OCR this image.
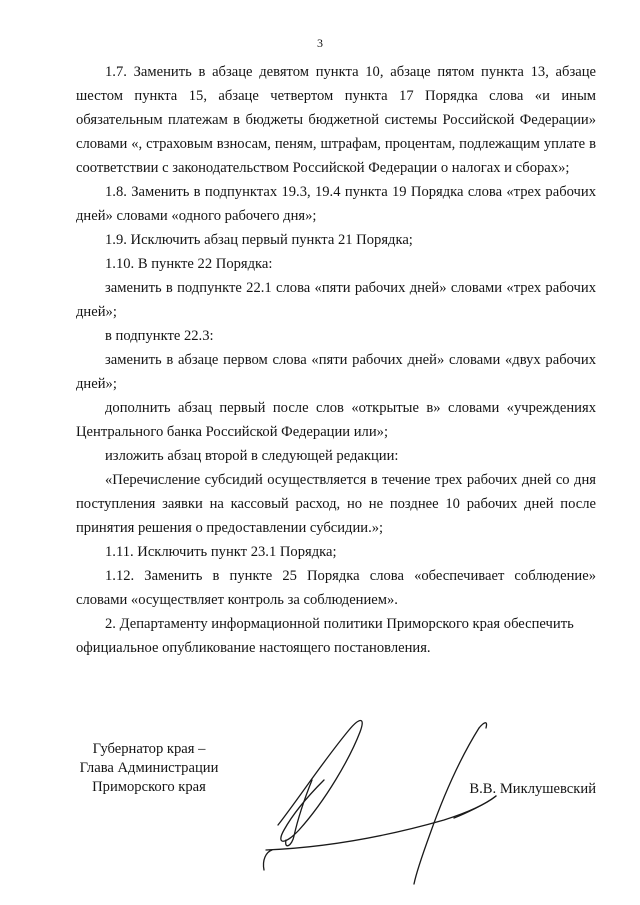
3

1.7. Заменить в абзаце девятом пункта 10, абзаце пятом пункта 13, абзаце шестом пункта 15, абзаце четвертом пункта 17 Порядка слова «и иным обязательным платежам в бюджеты бюджетной системы Российской Федерации» словами «, страховым взносам, пеням, штрафам, процентам, подлежащим уплате в соответствии с законодательством Российской Федерации о налогах и сборах»;

1.8. Заменить в подпунктах 19.3, 19.4 пункта 19 Порядка слова «трех рабочих дней» словами «одного рабочего дня»;

1.9. Исключить абзац первый пункта 21 Порядка;

1.10. В пункте 22 Порядка:

заменить в подпункте 22.1 слова «пяти рабочих дней» словами «трех рабочих дней»;

в подпункте 22.3:

заменить в абзаце первом слова «пяти рабочих дней» словами «двух рабочих дней»;

дополнить абзац первый после слов «открытые в» словами «учреждениях Центрального банка Российской Федерации или»;

изложить абзац второй в следующей редакции:

«Перечисление субсидий осуществляется в течение трех рабочих дней со дня поступления заявки на кассовый расход, но не позднее 10 рабочих дней после принятия решения о предоставлении субсидии.»;

1.11. Исключить пункт 23.1 Порядка;

1.12. Заменить в пункте 25 Порядка слова «обеспечивает соблюдение» словами «осуществляет контроль за соблюдением».

2. Департаменту информационной политики Приморского края обеспечить официальное опубликование настоящего постановления.

Губернатор края –
Глава Администрации
Приморского края	В.В. Миклушевский
